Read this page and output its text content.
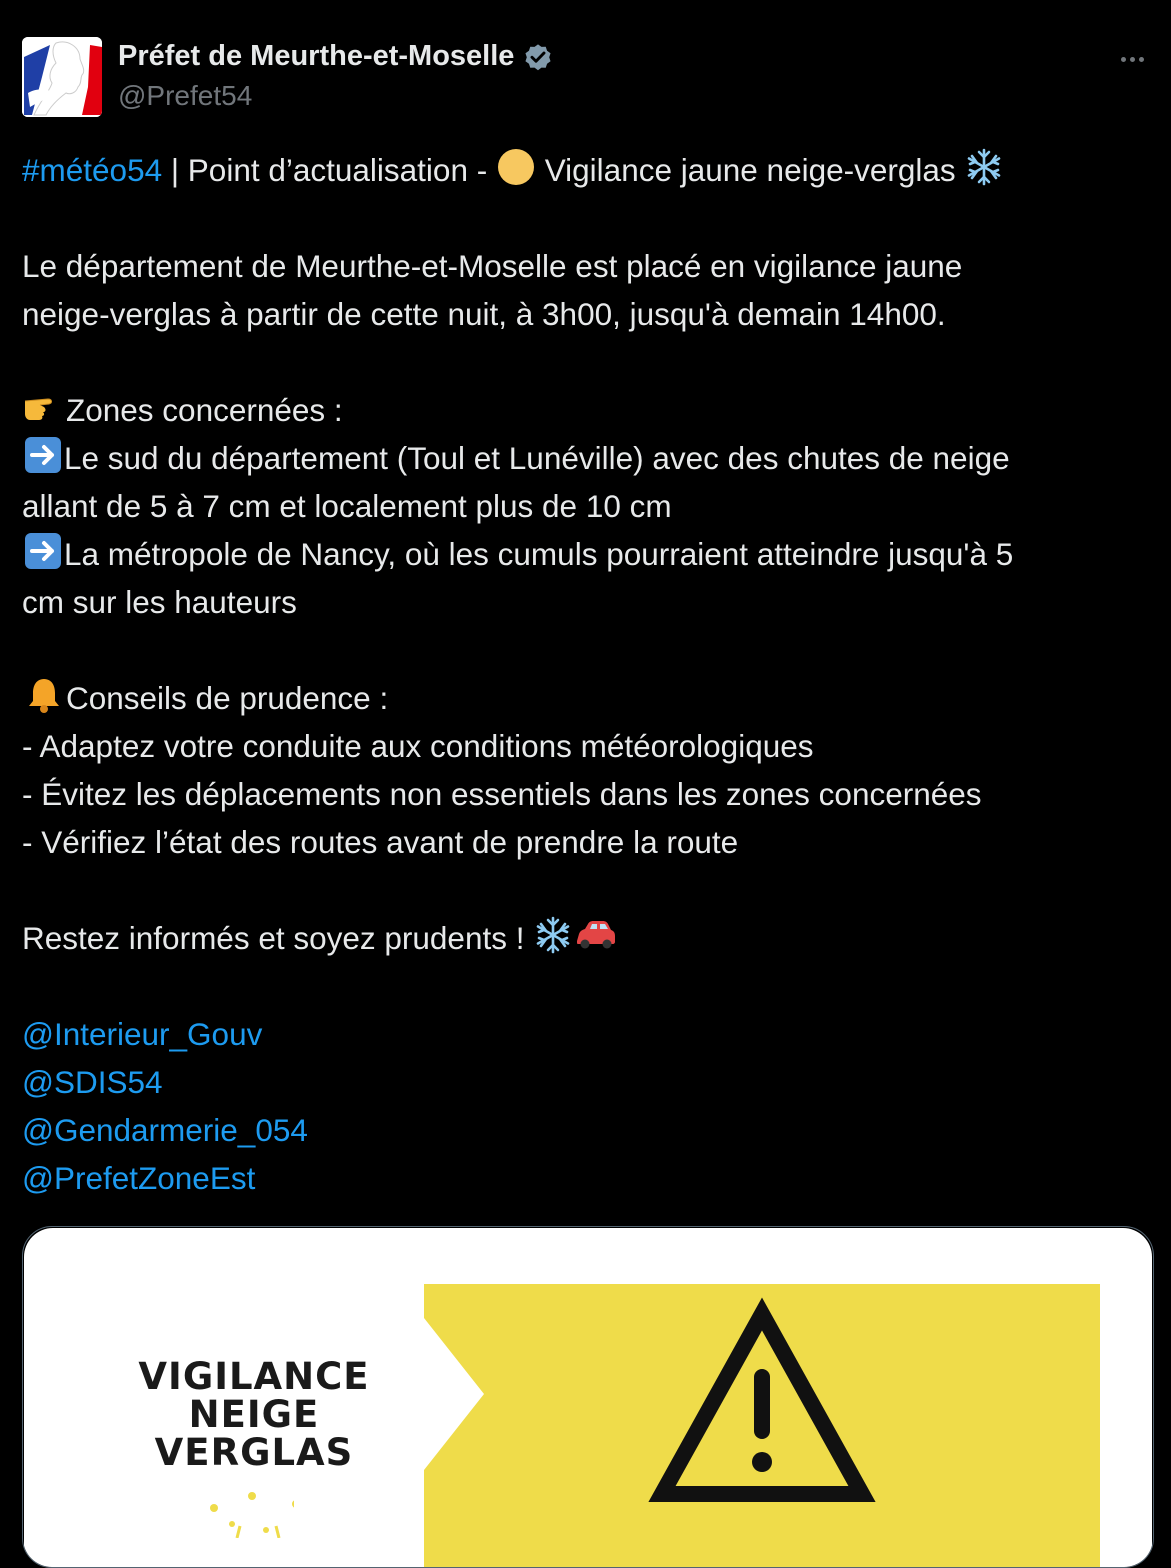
Préfet de Meurthe-et-Moselle
@Prefet54

#météo54 | Point d’actualisation -  Vigilance jaune neige-verglas

Le département de Meurthe-et-Moselle est placé en vigilance jaune

neige-verglas à partir de cette nuit, à 3h00, jusqu'à demain 14h00.

Zones concernées :

Le sud du département (Toul et Lunéville) avec des chutes de neige

allant de 5 à 7 cm et localement plus de 10 cm

La métropole de Nancy, où les cumuls pourraient atteindre jusqu'à 5

cm sur les hauteurs

Conseils de prudence :

- Adaptez votre conduite aux conditions météorologiques

- Évitez les déplacements non essentiels dans les zones concernées

- Vérifiez l’état des routes avant de prendre la route

Restez informés et soyez prudents !

@Interieur_Gouv

@SDIS54

@Gendarmerie_054

@PrefetZoneEst

VIGILANCE
NEIGE
VERGLAS
